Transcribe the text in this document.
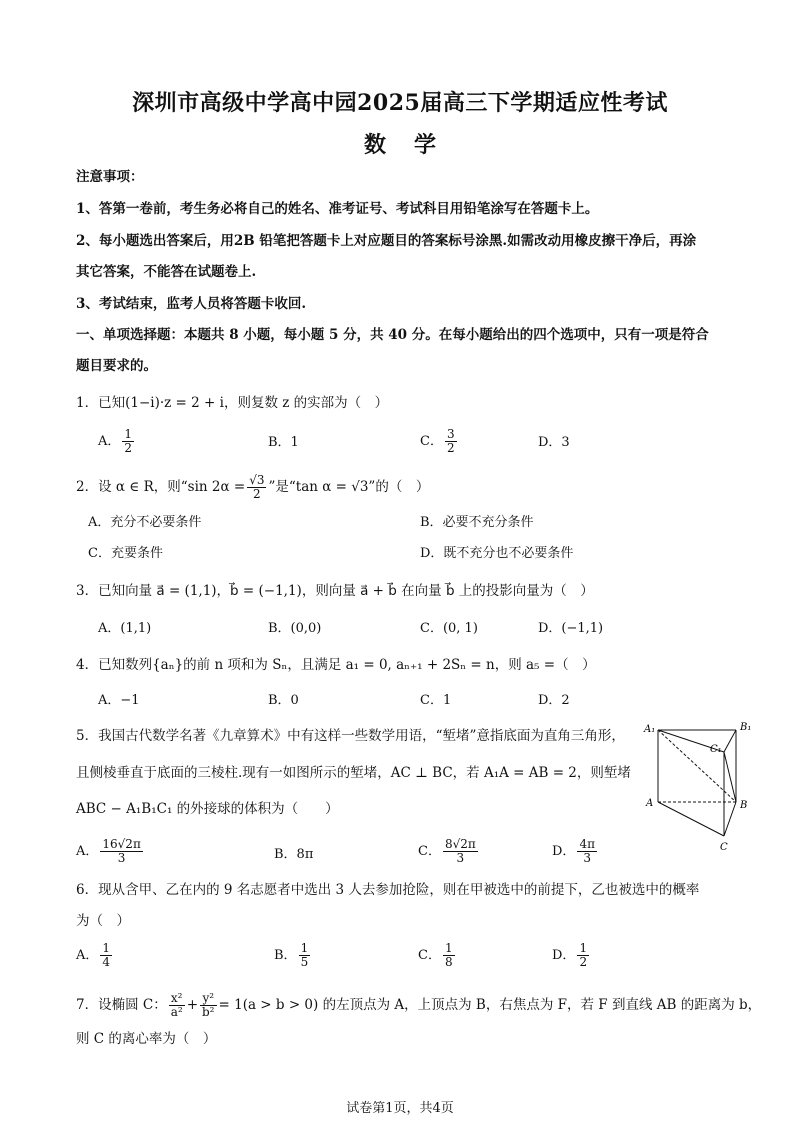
深圳市高级中学高中园2025届高三下学期适应性考试
数学
注意事项：
1、答第一卷前，考生务必将自己的姓名、准考证号、考试科目用铅笔涂写在答题卡上。
2、每小题选出答案后，用2B 铅笔把答题卡上对应题目的答案标号涂黑.如需改动用橡皮擦干净后，再涂
其它答案，不能答在试题卷上.
3、考试结束，监考人员将答题卡收回.
一、单项选择题：本题共 8 小题，每小题 5 分，共 40 分。在每小题给出的四个选项中，只有一项是符合
题目要求的。
1．已知(1−i)·z = 2 + i，则复数 z 的实部为（　）
A． $\frac{1}{2}$	B．1	C． $\frac{3}{2}$	D．3
2．设 α ∈ R，则“sin $2\alpha = \frac{√3}{2}$ ”是“tan α = √3”的（　）
A．充分不必要条件	B．必要不充分条件
C．充要条件	D．既不充分也不必要条件
3．已知向量 a⃗ = (1,1)，b⃗ = (−1,1)，则向量 a⃗ + b⃗ 在向量 b⃗ 上的投影向量为（　）
A．(1,1)	B．(0,0)	C．(0, 1)	D．(−1,1)
4．已知数列{aₙ}的前 n 项和为 Sₙ，且满足 a₁ = 0, aₙ₊₁ + 2Sₙ = n，则 a₅ =（　）
A．−1	B．0	C．1	D．2
5．我国古代数学名著《九章算术》中有这样一些数学用语，“堑堵”意指底面为直角三角形，
且侧棱垂直于底面的三棱柱.现有一如图所示的堑堵，AC ⊥ BC，若 A₁A = AB = 2，则堑堵
ABC − A₁B₁C₁ 的外接球的体积为（　　）
A₁	B₁
C₁
A	B
C
A． $\frac{16√2\pi}{3}$	B．8π	C． $\frac{8√2\pi}{3}$	D． $\frac{4\pi}{3}$
6．现从含甲、乙在内的 9 名志愿者中选出 3 人去参加抢险，则在甲被选中的前提下，乙也被选中的概率
为（　）
A． $\frac{1}{4}$	B． $\frac{1}{5}$	C． $\frac{1}{8}$	D． $\frac{1}{2}$
7．设椭圆 C： $\frac{\text{x²}}{\text{a²}} + \frac{\text{y²}}{\text{b²}} = 1(a > b > 0)$ 的左顶点为 A，上顶点为 B，右焦点为 F，若 F 到直线 AB 的距离为 b，
则 C 的离心率为（　）
试卷第1页，共4页
